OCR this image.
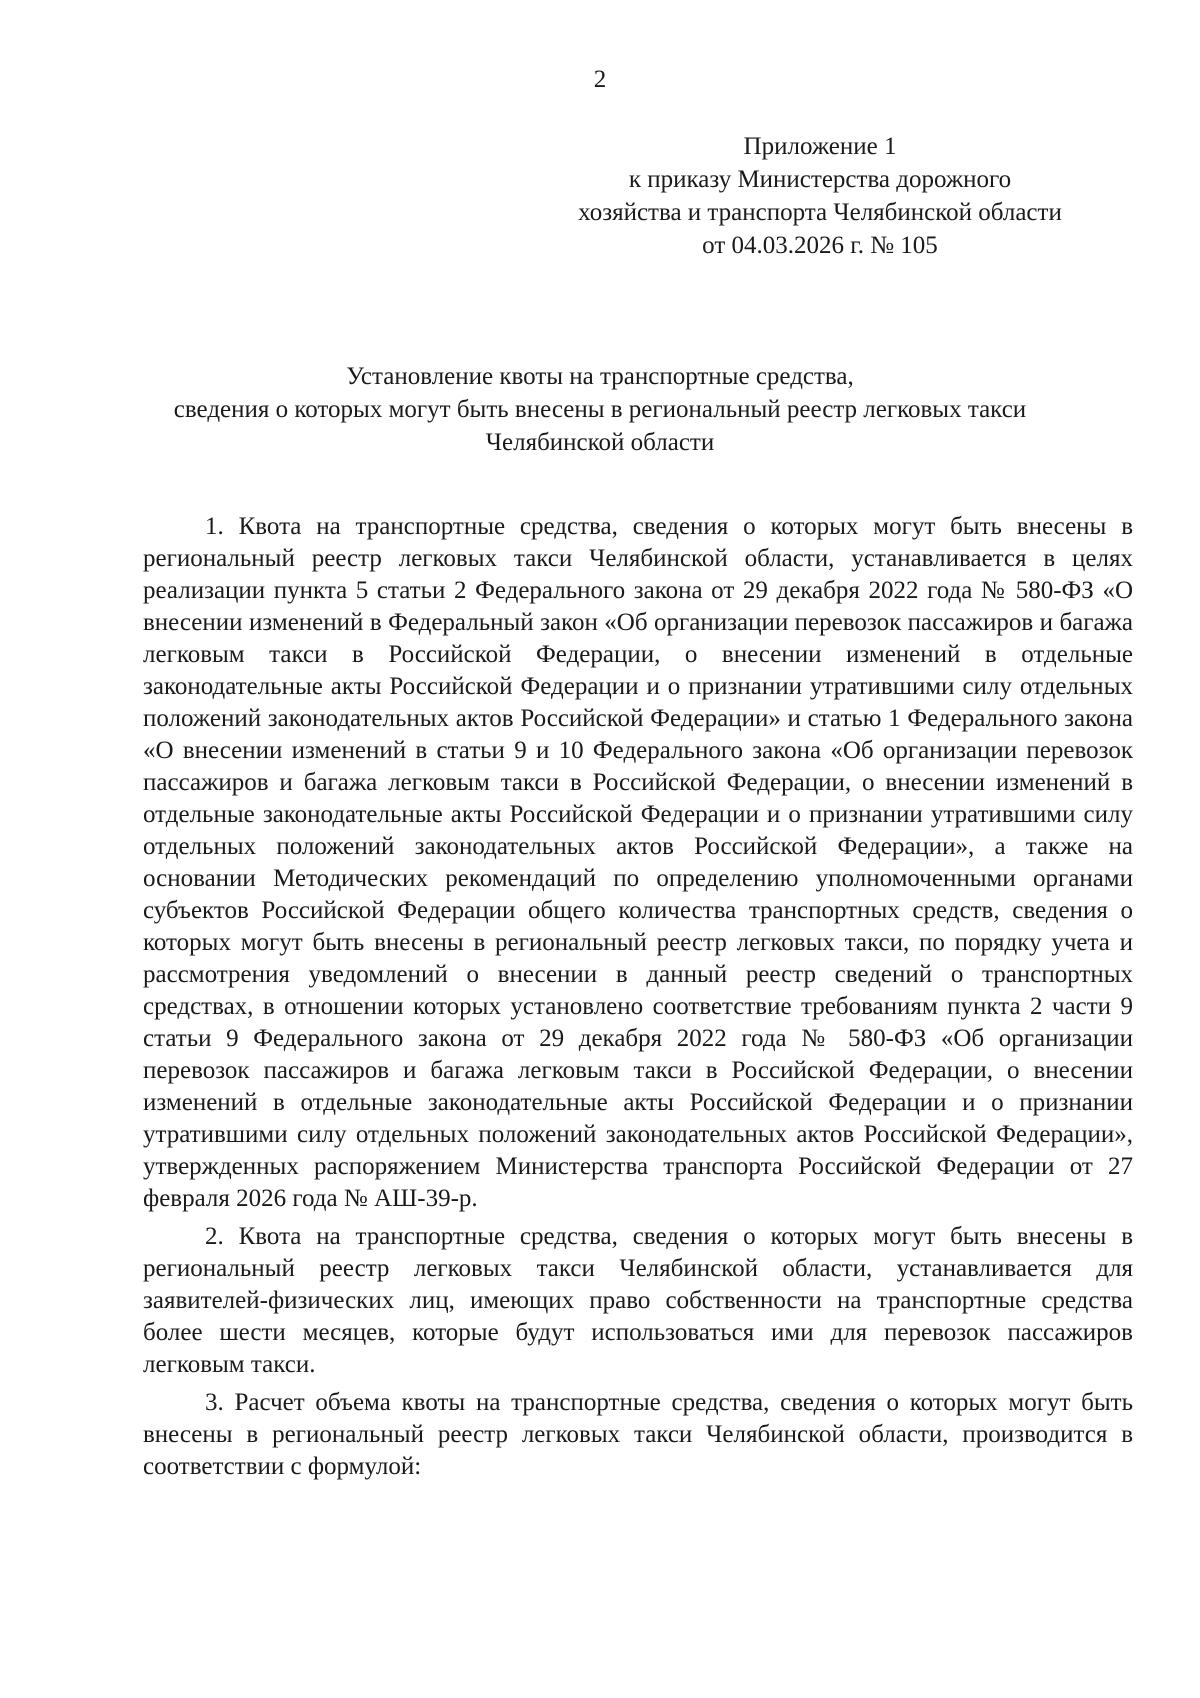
2
Приложение 1
к приказу Министерства дорожного
хозяйства и транспорта Челябинской области
от 04.03.2026 г. № 105
Установление квоты на транспортные средства,
сведения о которых могут быть внесены в региональный реестр легковых такси
Челябинской области

1. Квота на транспортные средства, сведения о которых могут быть внесены в региональный реестр легковых такси Челябинской области, устанавливается в целях реализации пункта 5 статьи 2 Федерального закона от 29 декабря 2022 года № 580-ФЗ «О внесении изменений в Федеральный закон «Об организации перевозок пассажиров и багажа легковым такси в Российской Федерации, о внесении изменений в отдельные законодательные акты Российской Федерации и о признании утратившими силу отдельных положений законодательных актов Российской Федерации» и статью 1 Федерального закона «О внесении изменений в статьи 9 и 10 Федерального закона «Об организации перевозок пассажиров и багажа легковым такси в Российской Федерации, о внесении изменений в отдельные законодательные акты Российской Федерации и о признании утратившими силу отдельных положений законодательных актов Российской Федерации», а также на основании Методических рекомендаций по определению уполномоченными органами субъектов Российской Федерации общего количества транспортных средств, сведения о которых могут быть внесены в региональный реестр легковых такси, по порядку учета и рассмотрения уведомлений о внесении в данный реестр сведений о транспортных средствах, в отношении которых установлено соответствие требованиям пункта 2 части 9 статьи 9 Федерального закона от 29 декабря 2022 года № 580-ФЗ «Об организации перевозок пассажиров и багажа легковым такси в Российской Федерации, о внесении изменений в отдельные законодательные акты Российской Федерации и о признании утратившими силу отдельных положений законодательных актов Российской Федерации», утвержденных распоряжением Министерства транспорта Российской Федерации от 27 февраля 2026 года № АШ-39-р.

2. Квота на транспортные средства, сведения о которых могут быть внесены в региональный реестр легковых такси Челябинской области, устанавливается для заявителей-физических лиц, имеющих право собственности на транспортные средства более шести месяцев, которые будут использоваться ими для перевозок пассажиров легковым такси.

3. Расчет объема квоты на транспортные средства, сведения о которых могут быть внесены в региональный реестр легковых такси Челябинской области, производится в соответствии с формулой:
